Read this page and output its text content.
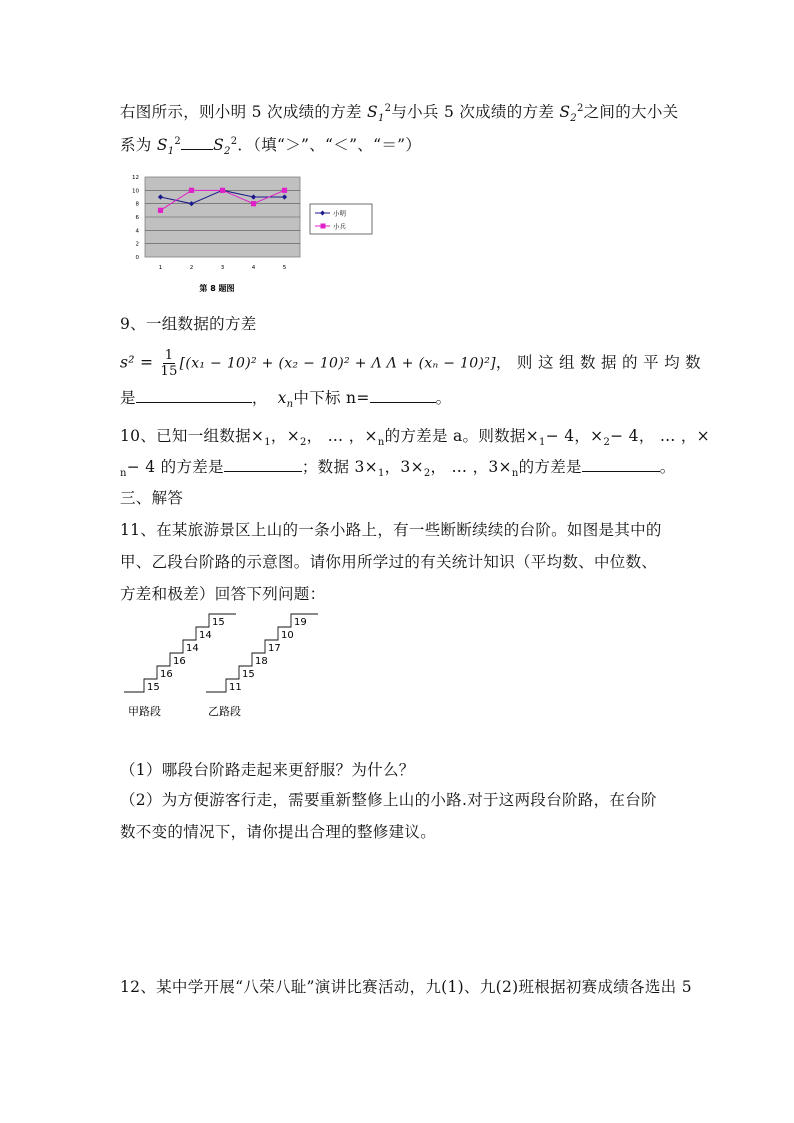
右图所示，则小明 5 次成绩的方差 $S_1^2$与小兵 5 次成绩的方差 $S_2^2$之间的大小关
系为 $S_1^2$ $S_2^2$．（填“＞”、“＜”、“＝”）
0
2
4
6
8
10
12
1	2	3	4	5
小明
小兵
第 8 题图
9、一组数据的方差
$s^2 = \frac{1}{15} [(x_1 - 10)^2 + (x_2 - 10)^2 + \Lambda$ Λ + (xₙ − 10)²]， 则 这 组 数 据 的 平 均 数
是	， $x_n$中下标 n=	。
10、已知一组数据$\times_1$，$\times_2$， … ，$\times_n$的方差是 a。则数据$\times_1- 4$，$\times_2- 4$， … ，×
$_n$− 4 的方差是	；数据 $3\times_1$，$3\times_2$， … ，$3\times_n$的方差是	。
三、解答
11、在某旅游景区上山的一条小路上，有一些断断续续的台阶。如图是其中的
甲、乙段台阶路的示意图。请你用所学过的有关统计知识（平均数、中位数、
方差和极差）回答下列问题：
15
16
16
14
14
15
11
15
18
17
10
19
甲路段	乙路段
（1）哪段台阶路走起来更舒服？为什么？
（2）为方便游客行走，需要重新整修上山的小路.对于这两段台阶路，在台阶
数不变的情况下，请你提出合理的整修建议。
12、某中学开展“八荣八耻”演讲比赛活动，九(1)、九(2)班根据初赛成绩各选出 5
